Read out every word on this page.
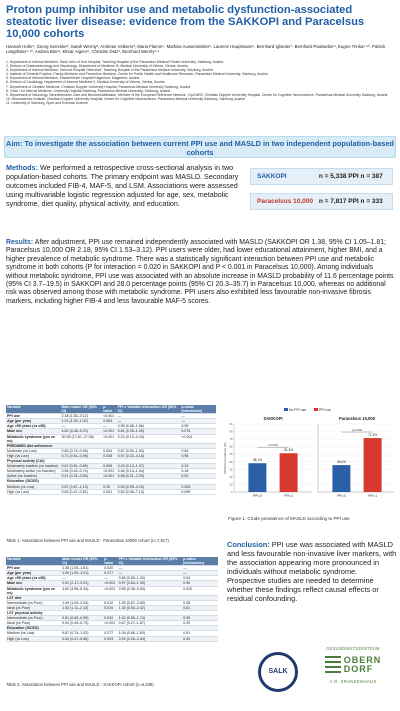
Proton pump inhibitor use and metabolic dysfunction-associated steatotic liver disease: evidence from the SAKKOPI and Paracelsus 10,000 cohorts
Hannah Hofer¹, Georg Semmler², Sarah Wernly³, Andreas Völkerer³, Maria Flamm⁴, Mathias Ausserwinkler⁵, Laurenz Hauptmann⁶, Bernhard Iglseder⁷, Bernhard Paulweber⁸, Eugen Trinka⁹·¹⁰, Patrick Langthaler⁹·¹⁰, Andrea Bito¹¹, Elmar Aigner⁸, Christian Datz³, Bernhard Wernly³·⁸
1. Department of Internal Medicine, Saint John of God Hospital, Teaching Hospital of the Paracelsus Medical Private University, Salzburg, Austria
2. Division of Gastroenterology and Hepatology, Department of Medicine III, Medical University of Vienna, Vienna, Austria
3. Department of Internal Medicine, General Hospital Oberndorf, Teaching Hospital of the Paracelsus Medical University, Salzburg, Austria
4. Institute of General Practice, Family Medicine and Preventive Medicine, Center for Public Health and Healthcare Research, Paracelsus Medical University, Salzburg, Austria
5. Department of Internal Medicine, Elisabethinen Hospital Klagenfurt, Klagenfurt, Austria
6. Division of Cardiology, Department of Internal Medicine II, Medical University of Vienna, Vienna, Austria
7. Department of Geriatric Medicine, Christian Doppler University Hospital, Paracelsus Medical University Salzburg, Austria
8. Clinic I for Internal Medicine, University Hospital Salzburg, Paracelsus Medical University, Salzburg, Austria
9. Department of Neurology, Neurointensive Care and Neurorehabilitation, Member of the European Reference Network - EpiCARE, Christian Doppler University Hospital, Centre for Cognitive Neuroscience, Paracelsus Medical University Salzburg, Austria
10. Neuroscience Institute, Christian Doppler University Hospital, Centre for Cognitive Neuroscience, Paracelsus Medical University Salzburg, Salzburg, Austria
11. University of Salzburg, Sport and Exercise Science
Aim: To investigate the association between current PPI use and MASLD in two independent population-based cohorts
Methods: We performed a retrospective cross-sectional analysis in two population-based cohorts. The primary endpoint was MASLD. Secondary outcomes included FIB-4, MAF-5, and LSM. Associations were assessed using multivariable logistic regression adjusted for age, sex, metabolic syndrome, diet quality, physical activity, and education.
SAKKOPI	n = 5,338 PPI n = 387
Paracelsus 10,000 n = 7,817 PPI n = 333
Results: After adjustment, PPI use remained independently associated with MASLD (SAKKOPI OR 1.38, 95% CI 1.05–1.81; Paracelsus 10,000 OR 2.18, 95% CI 1.53–3.12). PPI users were older, had lower educational attainment, higher BMI, and a higher prevalence of metabolic syndrome. There was a statistically significant interaction between PPI use and metabolic syndrome in both cohorts (P for interaction = 0.020 in SAKKOPI and P < 0.001 in Paracelsus 10,000). Among individuals without metabolic syndrome, PPI use was associated with an absolute increase in MASLD probability of 11.6 percentage points (95% CI 3.7–19.5) in SAKKOPI and 28.0 percentage points (95% CI 20.3–35.7) in Paracelsus 10,000, whereas no additional risk was observed among those with metabolic syndrome. PPI users also exhibited less favourable non-invasive fibrosis markers, including higher FIB-4 and less favourable MAF-5 scores.
Variable	Main model OR (95% CI)	p-value	PPI x Variable interaction OR (95% CI)	p-value (interaction)
PPI use	2.18 (1.53–3.12)	<0.001	—	—
Age (per year)	1.01 (1.00–1.02)	0.003	—	—
Age >55 years (vs ≤55)	—	—	0.98 (0.58–1.66)	0.95
Male sex	4.62 (4.08–5.23)	<0.001	0.61 (0.35–1.05)	0.074
Metabolic syndrome (yes vs no)	30.95 (17.87–27.08)	<0.001	0.24 (0.13–0.44)	<0.001
PREDIMED diet adherence				
Moderate (vs Low)	0.83 (0.74–0.94)	0.004	0.87 (0.50–1.53)	0.64
High (vs Low)	0.71 (0.51–0.98)	0.038	0.97 (0.22–4.18)	0.96
Physical activity (CAI)				
Moderately inactive (vs Inactive)	0.67 (0.51–0.89)	0.006	0.43 (0.13–1.37)	0.15
Moderately active (vs Inactive)	0.54 (0.42–0.74)	<0.001	0.45 (0.14–1.44)	0.18
Active (vs Inactive)	0.41 (0.31–0.54)	<0.001	0.68 (0.21–2.20)	0.52
Education (ISCED)				
Medium (vs Low)	0.87 (0.67–1.13)	0.30	2.05 (0.99–4.23)	0.053
High (vs Low)	0.62 (0.47–0.81)	0.001	2.62 (0.96–7.13)	0.059
Table 1. Association between PPI use and MASLD - Paracelsus 10000 cohort (n=7,817)
No PPI use	PPI use
SAKKOPI
0
10
20
30
40
50
60
70
80
90
38.1%
PPI=0
51.3%
PPI=1
p<0.001
Paracelsus 10,000
35.6%
PPI=0
71.4%
PPI=1
p<0.001
MASLD prevalence (%)
Figure 1. Crude prevalence of MASLD according to PPI use
Conclusion: PPI use was associated with MASLD and less favourable non-invasive liver markers, with the association appearing more pronounced in individuals without metabolic syndrome. Prospective studies are needed to determine whether these findings reflect causal effects or residual confounding.
Variable	Main model OR (95% CI)	p-value	PPI x Variable interaction OR (95% CI)	p-value (interaction)
PPI use	1.38 (1.05–1.81)	0.020	—	—
Age (per year)	1.00 (1.00–1.01)	0.277	—	—
Age >55 years (vs ≤55)	—	—	0.85 (0.50–1.43)	0.54
Male sex	2.51 (2.17–2.91)	<0.001	0.97 (0.64–1.49)	0.90
Metabolic syndrome (yes vs no)	4.60 (3.96–5.34)	<0.001	0.55 (0.38–0.93)	0.020
LST diet				
Intermediate (vs Poor)	1.49 (1.09–2.04)	0.012	1.35 (0.67–2.50)	0.38
Ideal (vs Poor)	1.53 (1.11–2.12)	0.010	1.30 (0.50–2.42)	0.81
LST physical activity				
Intermediate (vs Poor)	0.81 (0.65–0.99)	0.042	1.02 (0.59–1.74)	0.95
Ideal (vs Poor)	0.54 (0.49–0.73)	<0.001	0.67 (0.27–1.67)	0.39
Education (ISCED)				
Medium (vs Low)	0.87 (0.74–1.02)	0.077	1.09 (0.66–1.60)	0.91
High (vs Low)	0.64 (0.47–0.85)	0.003	0.92 (0.25–3.44)	0.90
Table 2. Association between PPI use and MASLD - SAKKOPI cohort (n=5,338)
SALK
GESUNDHEITSZENTRUM
OBERN
DORF
A.Ö. KRANKENHAUS
